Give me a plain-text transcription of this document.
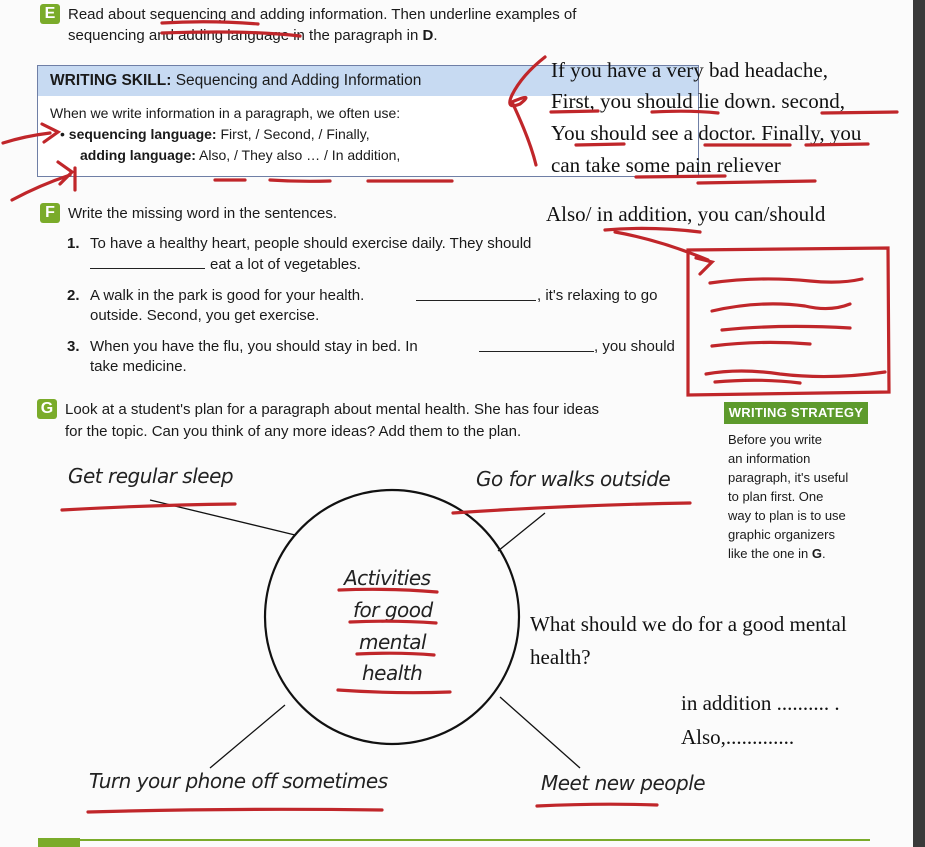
E Read about sequencing and adding information. Then underline examples of
sequencing and adding language in the paragraph in D.
WRITING SKILL: Sequencing and Adding Information
When we write information in a paragraph, we often use:
• sequencing language: First, / Second, / Finally,
adding language: Also, / They also … / In addition,
If you have a very bad headache,
First, you should lie down. second,
You should see a doctor. Finally, you
can take some pain reliever
Also/ in addition, you can/should
F Write the missing word in the sentences.
1. To have a healthy heart, people should exercise daily. They should
eat a lot of vegetables.
2. A walk in the park is good for your health.	, it's relaxing to go
outside. Second, you get exercise.
3. When you have the flu, you should stay in bed. In	, you should
take medicine.
G Look at a student's plan for a paragraph about mental health. She has four ideas
for the topic. Can you think of any more ideas? Add them to the plan.
WRITING STRATEGY
Before you write
an information
paragraph, it's useful
to plan first. One
way to plan is to use
graphic organizers
like the one in G.
Get regular sleep	Go for walks outside
Turn your phone off sometimes	Meet new people
Activities
for good
mental
health
What should we do for a good mental
health?
in addition .......... .
Also,.............
